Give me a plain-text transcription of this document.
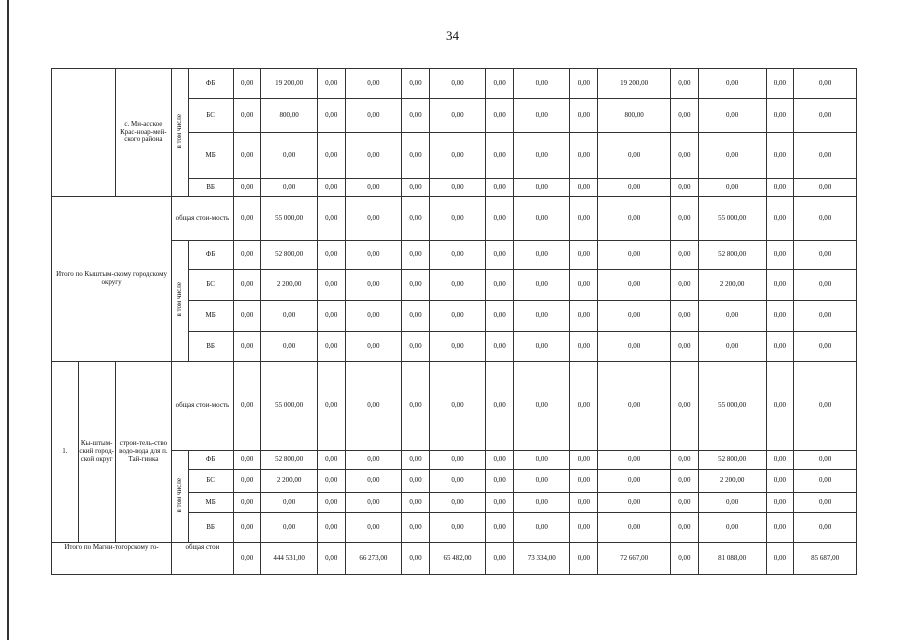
34
		с. Ми-асское Крас-ноар-мей-ского района	в том числе	ФБ	0,00	19 200,00	0,00	0,00	0,00	0,00	0,00	0,00	0,00	19 200,00	0,00	0,00	0,00	0,00
				БС	0,00	800,00	0,00	0,00	0,00	0,00	0,00	0,00	0,00	800,00	0,00	0,00	0,00	0,00
				МБ	0,00	0,00	0,00	0,00	0,00	0,00	0,00	0,00	0,00	0,00	0,00	0,00	0,00	0,00
				ВБ	0,00	0,00	0,00	0,00	0,00	0,00	0,00	0,00	0,00	0,00	0,00	0,00	0,00	0,00
Итого по Кыштым-скому городскому округу			общая стои-мость		0,00	55 000,00	0,00	0,00	0,00	0,00	0,00	0,00	0,00	0,00	0,00	55 000,00	0,00	0,00
			в том числе	ФБ	0,00	52 800,00	0,00	0,00	0,00	0,00	0,00	0,00	0,00	0,00	0,00	52 800,00	0,00	0,00
				БС	0,00	2 200,00	0,00	0,00	0,00	0,00	0,00	0,00	0,00	0,00	0,00	2 200,00	0,00	0,00
				МБ	0,00	0,00	0,00	0,00	0,00	0,00	0,00	0,00	0,00	0,00	0,00	0,00	0,00	0,00
				ВБ	0,00	0,00	0,00	0,00	0,00	0,00	0,00	0,00	0,00	0,00	0,00	0,00	0,00	0,00
1.	Кы-штым-ский город-ской округ	строи-тель-ство водо-вода для п. Тай-гинка	общая стои-мость		0,00	55 000,00	0,00	0,00	0,00	0,00	0,00	0,00	0,00	0,00	0,00	55 000,00	0,00	0,00
			в том числе	ФБ	0,00	52 800,00	0,00	0,00	0,00	0,00	0,00	0,00	0,00	0,00	0,00	52 800,00	0,00	0,00
				БС	0,00	2 200,00	0,00	0,00	0,00	0,00	0,00	0,00	0,00	0,00	0,00	2 200,00	0,00	0,00
				МБ	0,00	0,00	0,00	0,00	0,00	0,00	0,00	0,00	0,00	0,00	0,00	0,00	0,00	0,00
				ВБ	0,00	0,00	0,00	0,00	0,00	0,00	0,00	0,00	0,00	0,00	0,00	0,00	0,00	0,00
Итого по Магни-тогорскому го-			общая стои		0,00	444 531,00	0,00	66 273,00	0,00	65 482,00	0,00	73 334,00	0,00	72 667,00	0,00	81 088,00	0,00	85 687,00
